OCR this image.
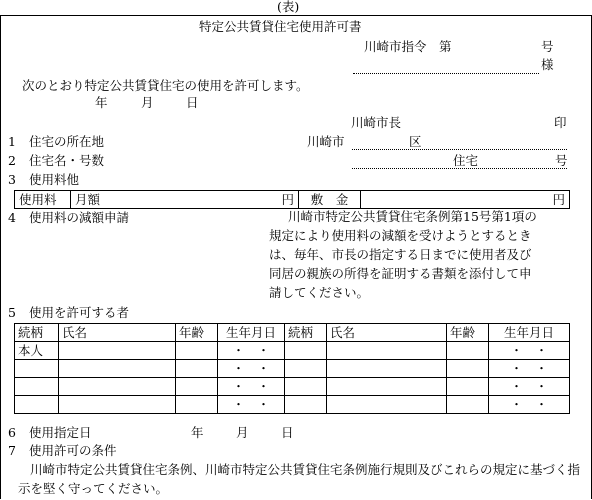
(表)
特定公共賃貸住宅使用許可書
川崎市指令　第	号
様
次のとおり特定公共賃貸住宅の使用を許可します。
年	月	日
川崎市長	印
1 住宅の所在地	川崎市	区
2 住宅名・号数	住宅	号
3 使用料他
使用料	月額	円	敷　金	円
4 使用料の減額申請	川崎市特定公共賃貸住宅条例第15号第1項の
規定により使用料の減額を受けようとするとき
は、毎年、市長の指定する日までに使用者及び
同居の親族の所得を証明する書類を添付して申
請してください。
5 使用を許可する者
続柄	氏名	年齢	生年月日	続柄	氏名	年齢	生年月日
本人			・　・				・　・
			・　・				・　・
			・　・				・　・
			・　・				・　・
6 使用指定日	年	月	日
7 使用許可の条件
川崎市特定公共賃貸住宅条例、川崎市特定公共賃貸住宅条例施行規則及びこれらの規定に基づく指示を堅く守ってください。
